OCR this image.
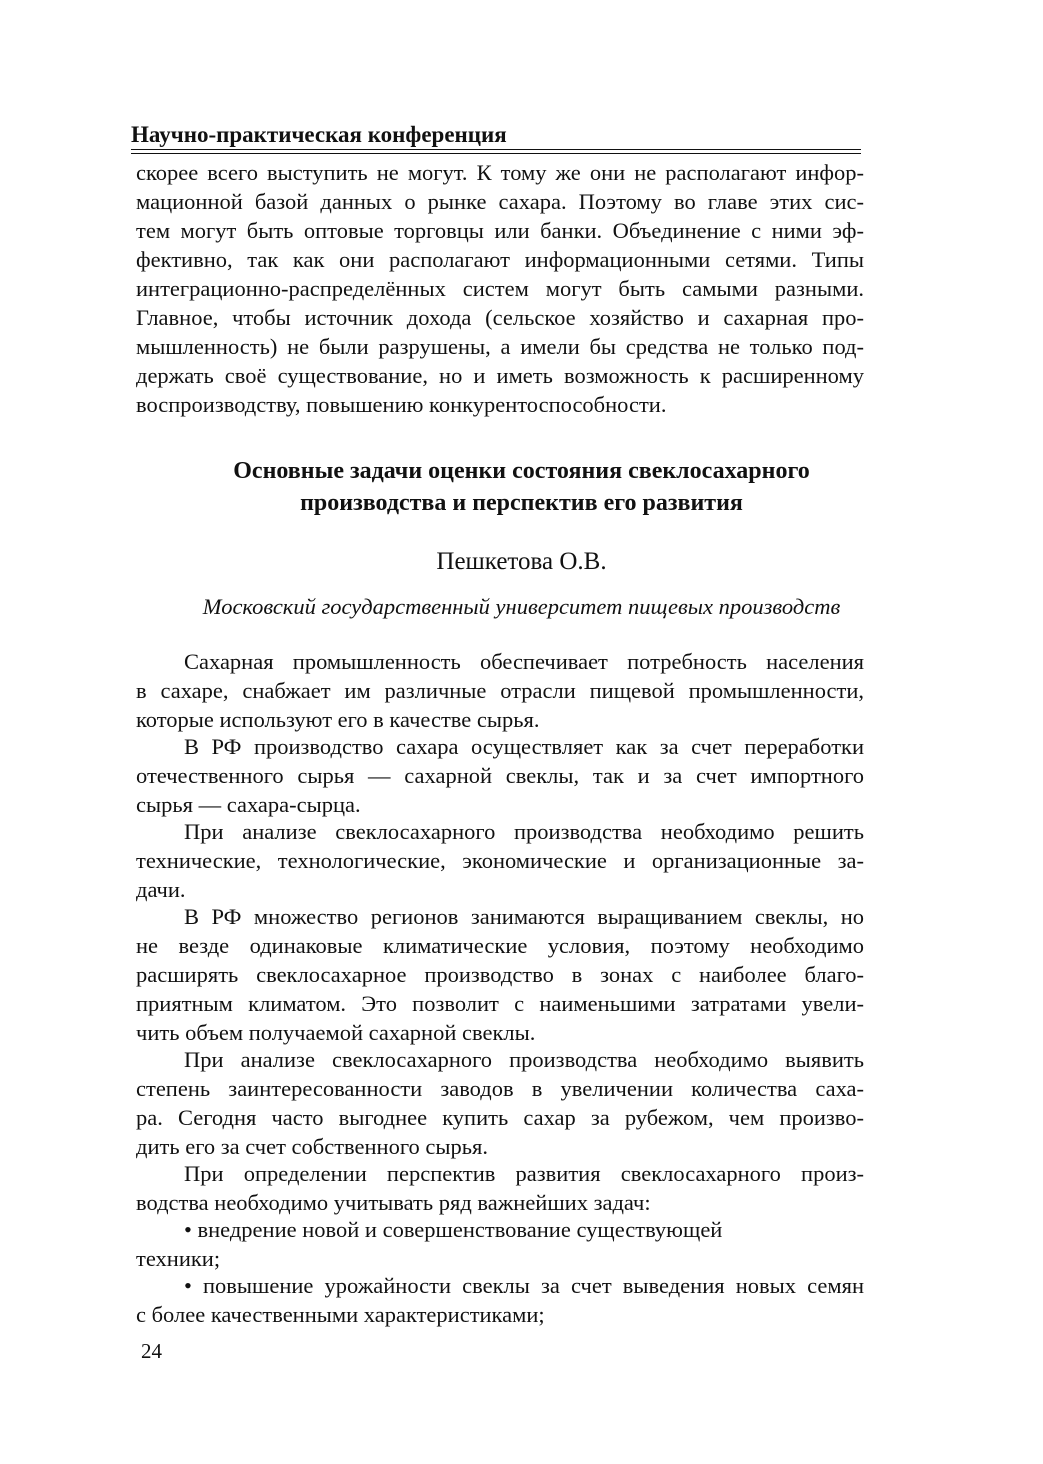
Научно-практическая конференция
скорее всего выступить не могут. К тому же они не располагают инфор-
мационной базой данных о рынке сахара. Поэтому во главе этих сис-
тем могут быть оптовые торговцы или банки. Объединение с ними эф-
фективно, так как они располагают информационными сетями. Типы
интеграционно-распределённых систем могут быть самыми разными.
Главное, чтобы источник дохода (сельское хозяйство и сахарная про-
мышленность) не были разрушены, а имели бы средства не только под-
держать своё существование, но и иметь возможность к расширенному
воспроизводству, повышению конкурентоспособности.
Основные задачи оценки состояния свеклосахарного
производства и перспектив его развития
Пешкетова О.В.
Московский государственный университет пищевых производств
Сахарная промышленность обеспечивает потребность населения
в сахаре, снабжает им различные отрасли пищевой промышленности,
которые используют его в качестве сырья.
В РФ производство сахара осуществляет как за счет переработки
отечественного сырья — сахарной свеклы, так и за счет импортного
сырья — сахара-сырца.
При анализе свеклосахарного производства необходимо решить
технические, технологические, экономические и организационные за-
дачи.
В РФ множество регионов занимаются выращиванием свеклы, но
не везде одинаковые климатические условия, поэтому необходимо
расширять свеклосахарное производство в зонах с наиболее благо-
приятным климатом. Это позволит с наименьшими затратами увели-
чить объем получаемой сахарной свеклы.
При анализе свеклосахарного производства необходимо выявить
степень заинтересованности заводов в увеличении количества саха-
ра. Сегодня часто выгоднее купить сахар за рубежом, чем произво-
дить его за счет собственного сырья.
При определении перспектив развития свеклосахарного произ-
водства необходимо учитывать ряд важнейших задач:
• внедрение новой и совершенствование существующей
техники;
• повышение урожайности свеклы за счет выведения новых семян
с более качественными характеристиками;
24
